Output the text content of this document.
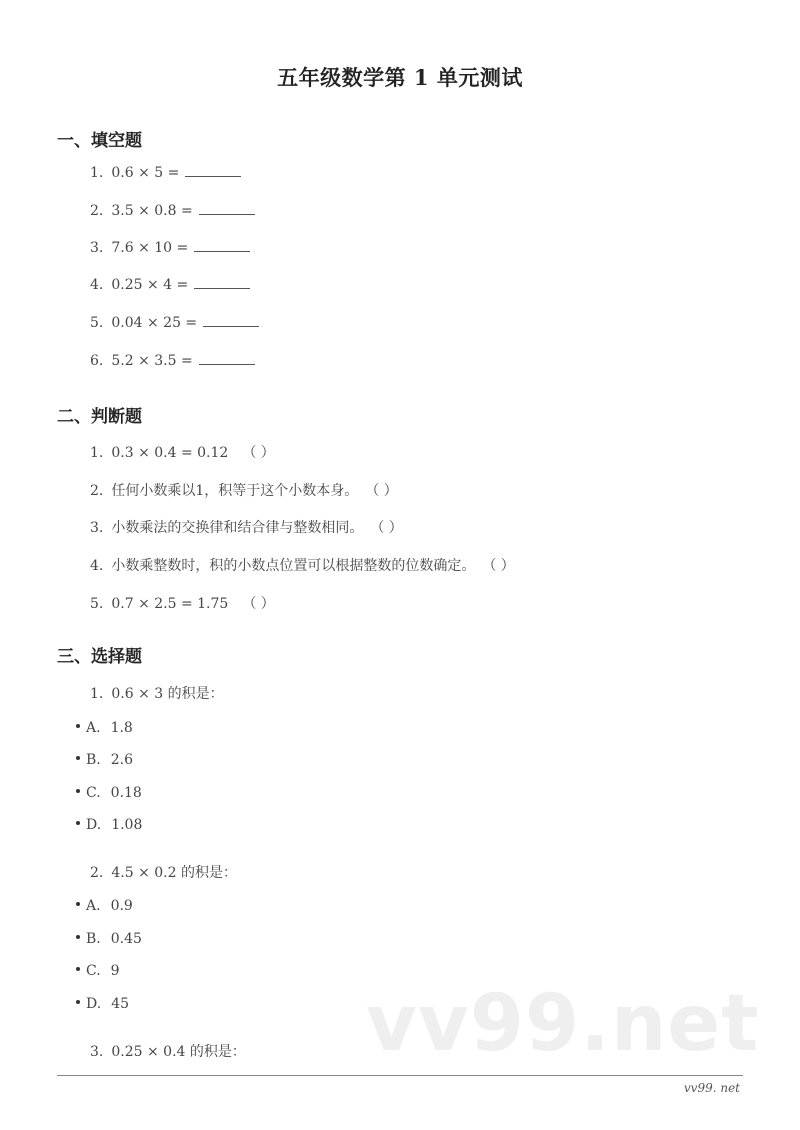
vv99.net
五年级数学第 1 单元测试
一、填空题
1. 0.6 × 5 =
2. 3.5 × 0.8 =
3. 7.6 × 10 =
4. 0.25 × 4 =
5. 0.04 × 25 =
6. 5.2 × 3.5 =
二、判断题
1. 0.3 × 0.4 = 0.12 （ ）
2. 任何小数乘以1，积等于这个小数本身。 （ ）
3. 小数乘法的交换律和结合律与整数相同。 （ ）
4. 小数乘整数时，积的小数点位置可以根据整数的位数确定。 （ ）
5. 0.7 × 2.5 = 1.75 （ ）
三、选择题
1. 0.6 × 3 的积是：
A. 1.8
B. 2.6
C. 0.18
D. 1.08
2. 4.5 × 0.2 的积是：
A. 0.9
B. 0.45
C. 9
D. 45
3. 0.25 × 0.4 的积是：
vv99. net
